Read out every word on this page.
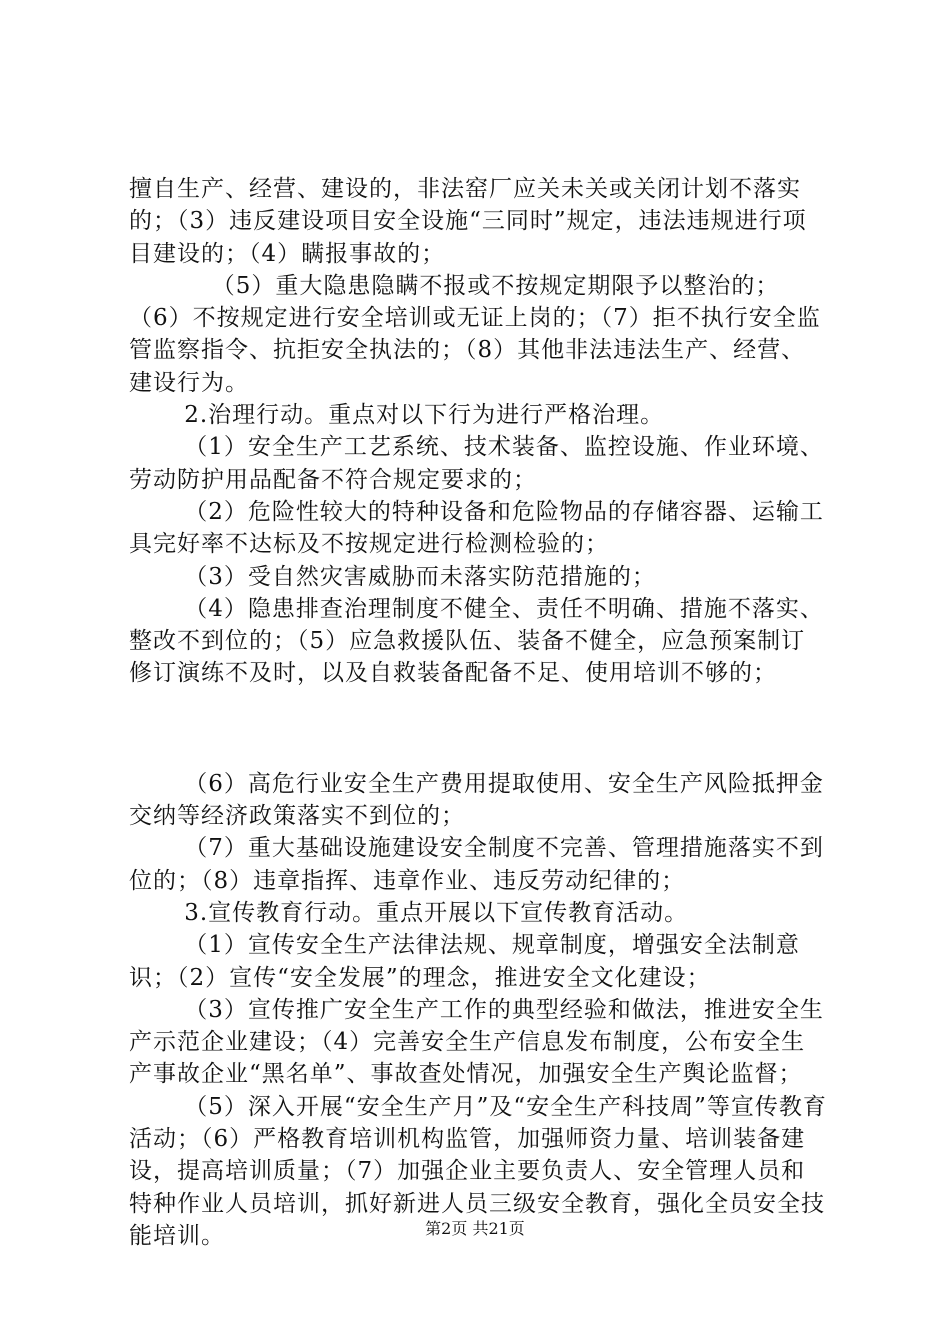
擅自生产、经营、建设的，非法窑厂应关未关或关闭计划不落实的；（3）违反建设项目安全设施“三同时”规定，违法违规进行项目建设的；（4）瞒报事故的；

（5）重大隐患隐瞒不报或不按规定期限予以整治的；

（6）不按规定进行安全培训或无证上岗的；（7）拒不执行安全监管监察指令、抗拒安全执法的；（8）其他非法违法生产、经营、建设行为。

2.治理行动。重点对以下行为进行严格治理。

（1）安全生产工艺系统、技术装备、监控设施、作业环境、劳动防护用品配备不符合规定要求的；

（2）危险性较大的特种设备和危险物品的存储容器、运输工具完好率不达标及不按规定进行检测检验的；

（3）受自然灾害威胁而未落实防范措施的；

（4）隐患排查治理制度不健全、责任不明确、措施不落实、整改不到位的；（5）应急救援队伍、装备不健全，应急预案制订修订演练不及时，以及自救装备配备不足、使用培训不够的；

（6）高危行业安全生产费用提取使用、安全生产风险抵押金交纳等经济政策落实不到位的；

（7）重大基础设施建设安全制度不完善、管理措施落实不到位的；（8）违章指挥、违章作业、违反劳动纪律的；

3.宣传教育行动。重点开展以下宣传教育活动。

（1）宣传安全生产法律法规、规章制度，增强安全法制意识；（2）宣传“安全发展”的理念，推进安全文化建设；

（3）宣传推广安全生产工作的典型经验和做法，推进安全生产示范企业建设；（4）完善安全生产信息发布制度，公布安全生产事故企业“黑名单”、事故查处情况，加强安全生产舆论监督；

（5）深入开展“安全生产月”及“安全生产科技周”等宣传教育活动；（6）严格教育培训机构监管，加强师资力量、培训装备建设，提高培训质量；（7）加强企业主要负责人、安全管理人员和特种作业人员培训，抓好新进人员三级安全教育，强化全员安全技能培训。	第2页 共21页
